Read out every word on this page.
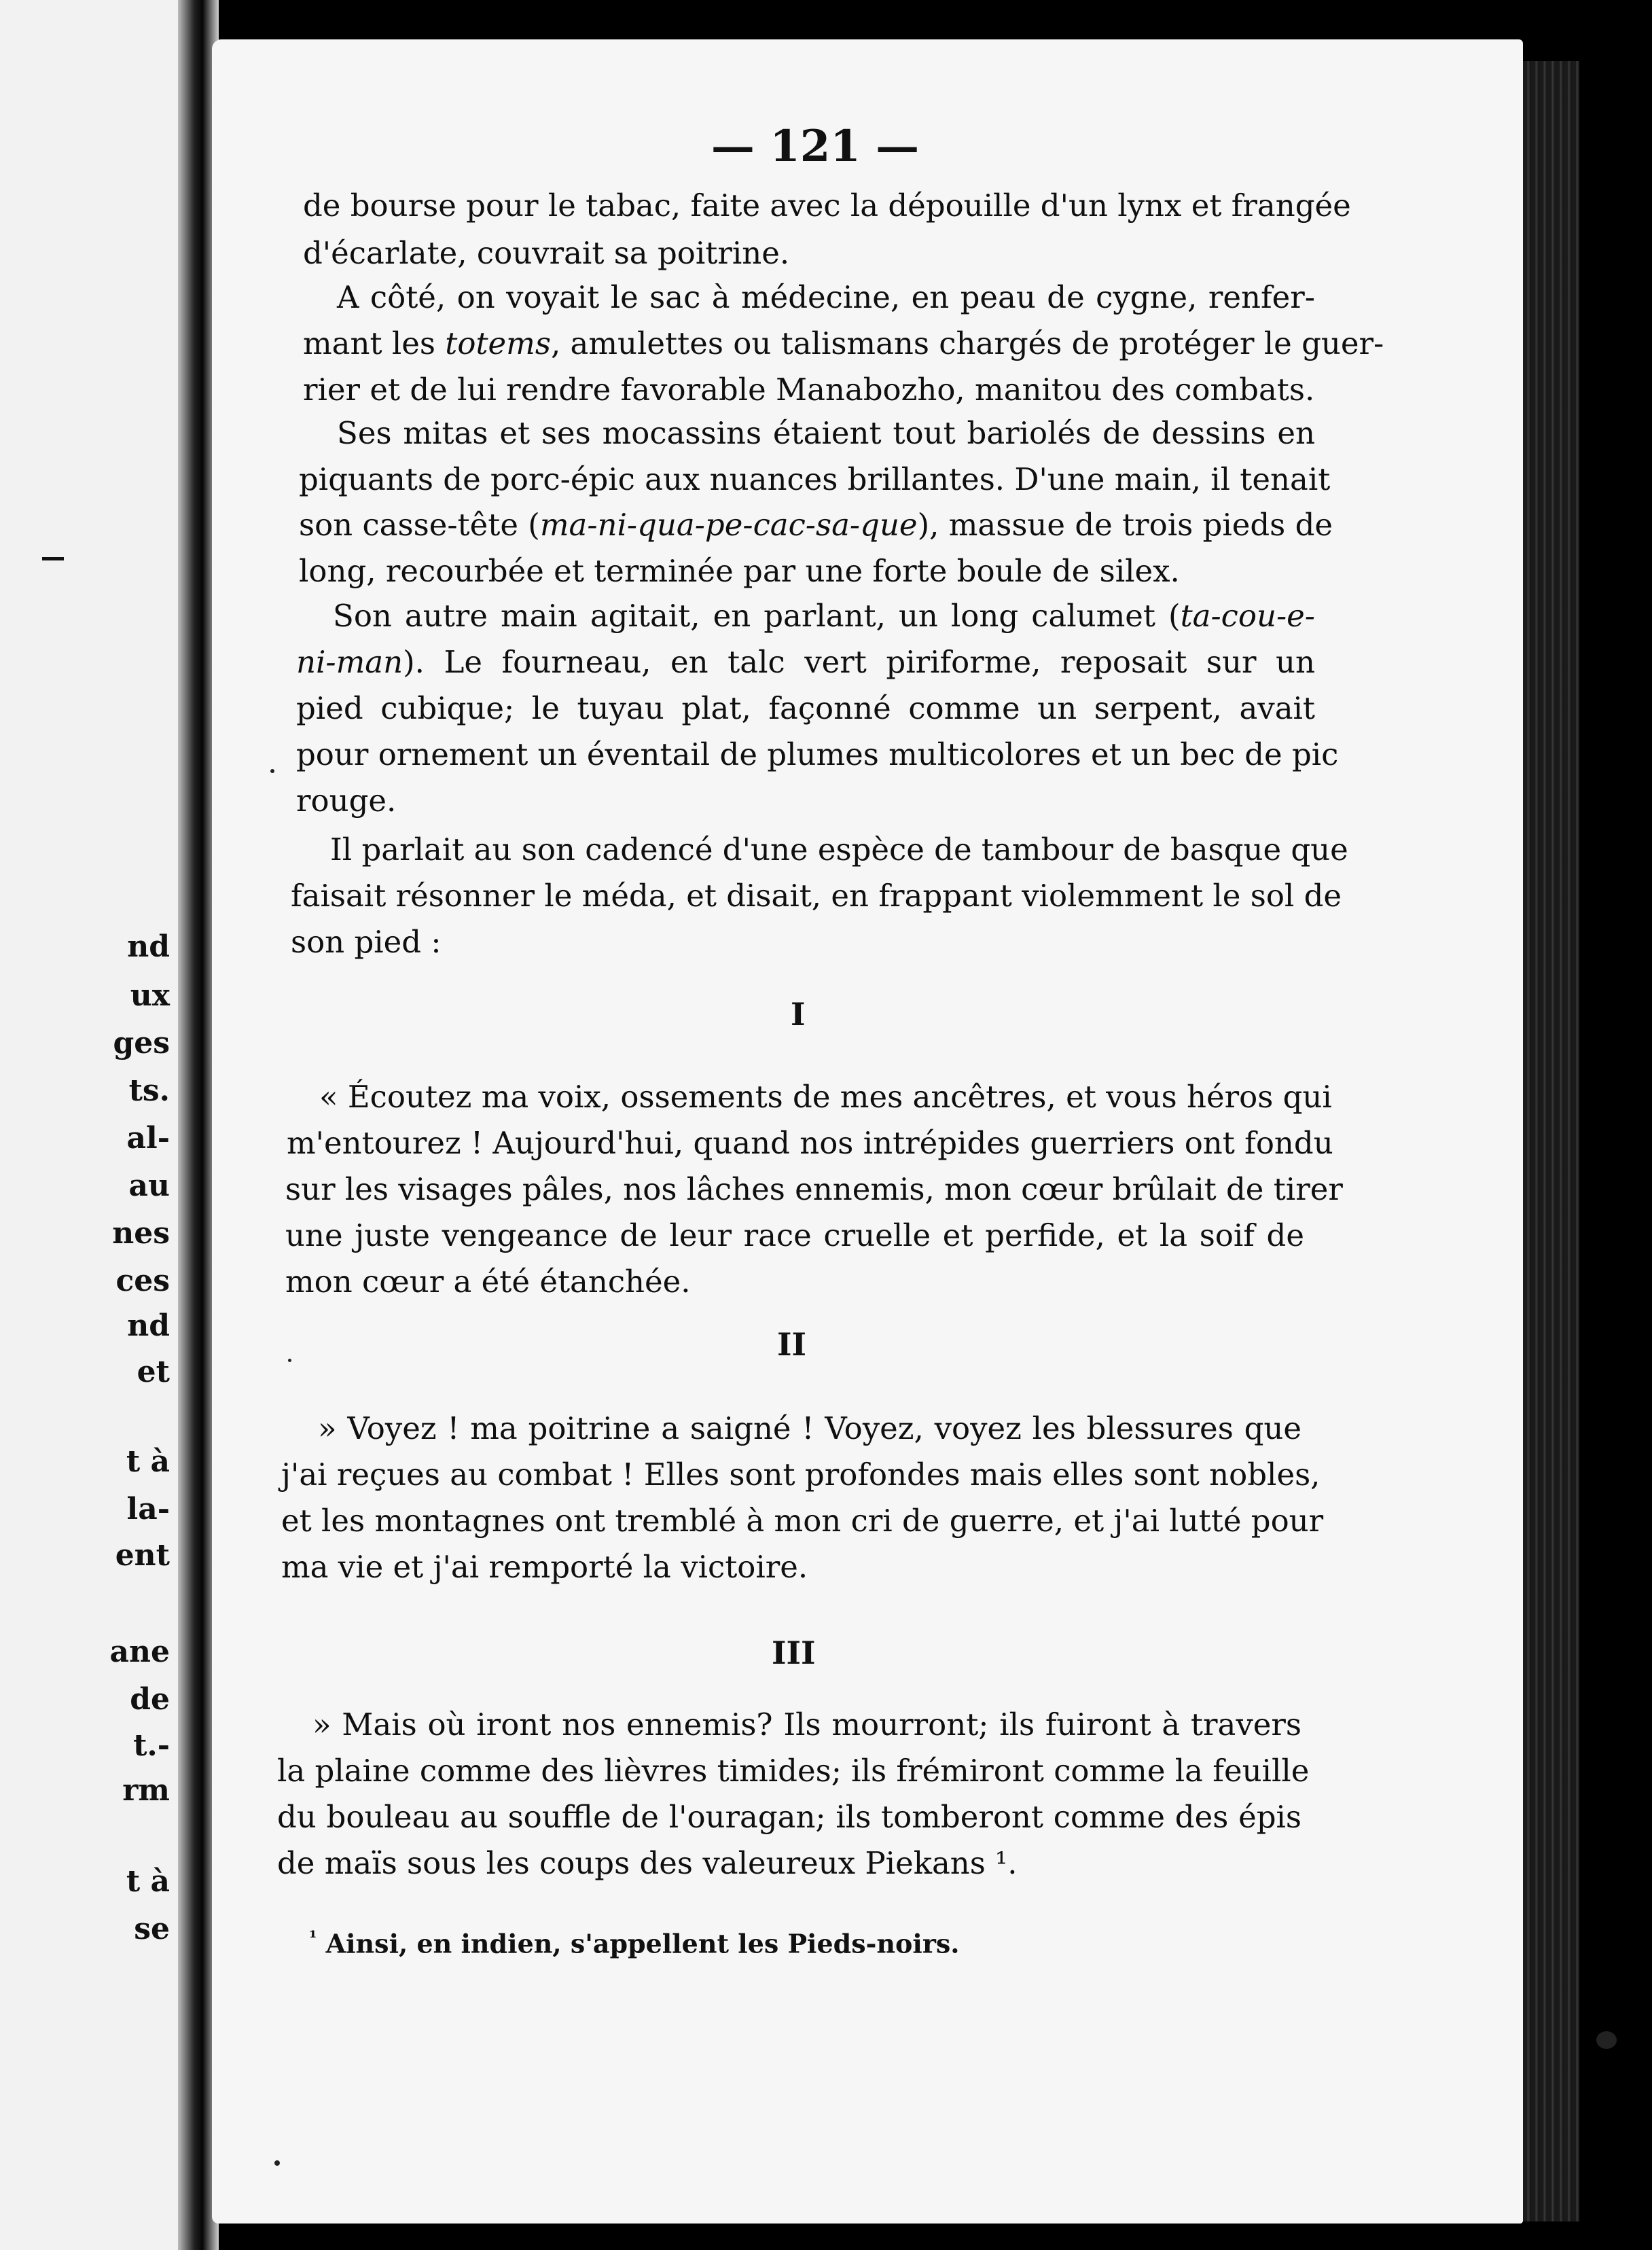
nd
ux
ges
ts.
al-
au
nes
ces
nd
et
t à
la-
ent
ane
de
t.-
rm
t à
se
— 121 —
de bourse pour le tabac, faite avec la dépouille d'un lynx et frangée
d'écarlate, couvrait sa poitrine.
A côté, on voyait le sac à médecine, en peau de cygne, renfer-
mant les totems, amulettes ou talismans chargés de protéger le guer-
rier et de lui rendre favorable Manabozho, manitou des combats.
Ses mitas et ses mocassins étaient tout bariolés de dessins en
piquants de porc-épic aux nuances brillantes. D'une main, il tenait
son casse-tête (ma-ni-qua-pe-cac-sa-que), massue de trois pieds de
long, recourbée et terminée par une forte boule de silex.
Son autre main agitait, en parlant, un long calumet (ta-cou-e-
ni-man). Le fourneau, en talc vert piriforme, reposait sur un
pied cubique; le tuyau plat, façonné comme un serpent, avait
pour ornement un éventail de plumes multicolores et un bec de pic
rouge.
Il parlait au son cadencé d'une espèce de tambour de basque que
faisait résonner le méda, et disait, en frappant violemment le sol de
son pied :
I
« Écoutez ma voix, ossements de mes ancêtres, et vous héros qui
m'entourez ! Aujourd'hui, quand nos intrépides guerriers ont fondu
sur les visages pâles, nos lâches ennemis, mon cœur brûlait de tirer
une juste vengeance de leur race cruelle et perfide, et la soif de
mon cœur a été étanchée.
II
» Voyez ! ma poitrine a saigné ! Voyez, voyez les blessures que
j'ai reçues au combat ! Elles sont profondes mais elles sont nobles,
et les montagnes ont tremblé à mon cri de guerre, et j'ai lutté pour
ma vie et j'ai remporté la victoire.
III
» Mais où iront nos ennemis? Ils mourront; ils fuiront à travers
la plaine comme des lièvres timides; ils frémiront comme la feuille
du bouleau au souffle de l'ouragan; ils tomberont comme des épis
de maïs sous les coups des valeureux Piekans ¹.
$^{^1}$ Ainsi, en indien, s'appellent les Pieds-noirs.
